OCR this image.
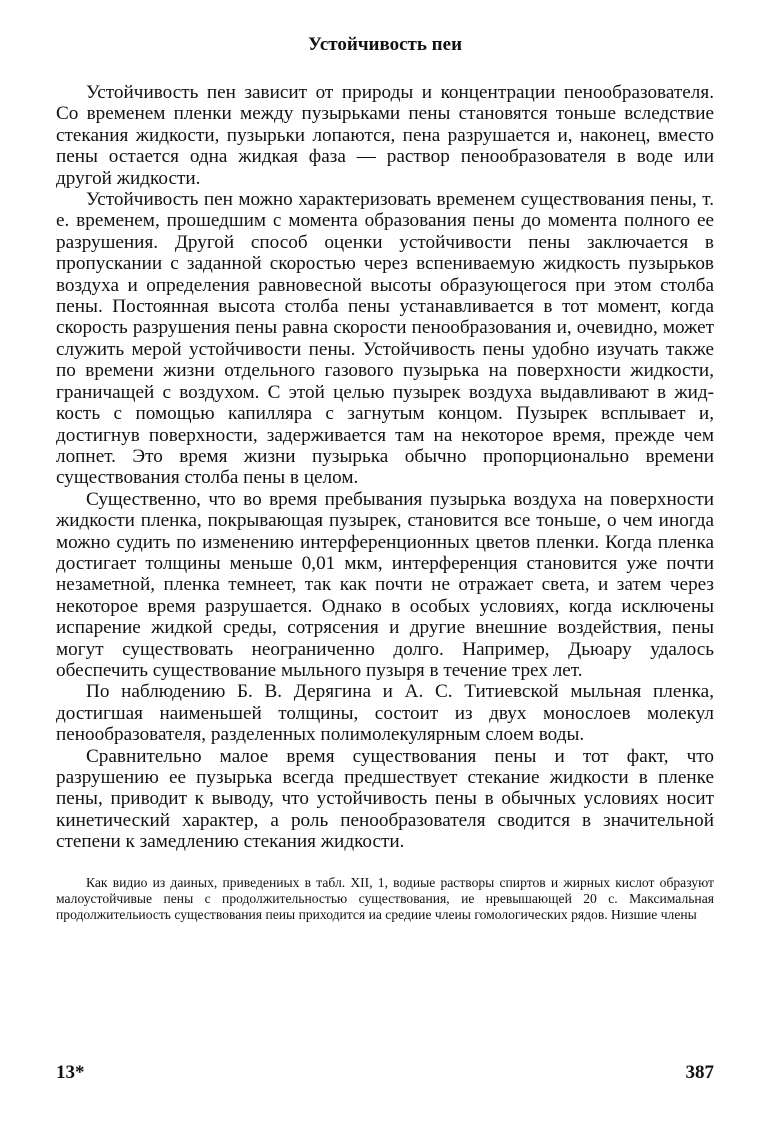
Устойчивость пеи

Устойчивость пен зависит от природы и концентрации пенообразователя. Со временем пленки между пузырьками пены становятся тоньше вследствие стекания жидкости, пузырьки лопаются, пена разрушается и, наконец, вместо пены остается одна жидкая фаза — раствор пенообразователя в воде или другой жидкости.

Устойчивость пен можно характеризовать временем существования пены, т. е. временем, прошедшим с момента образования пены до момента полного ее разрушения. Другой способ оценки устойчивости пены заключается в пропускании с заданной скоростью через вспениваемую жидкость пузырьков воздуха и определения равновесной высоты образующегося при этом столба пены. Постоянная высота столба пены устанавливается в тот момент, когда скорость разрушения пены равна скорости пенообразования и, очевидно, может служить мерой устойчивости пены. Устойчивость пены удобно изучать также по времени жизни отдельного газового пузырька на поверхности жидкости, граничащей с воздухом. С этой целью пузырек воздуха выдавливают в жидкость с помощью капилляра с загнутым концом. Пузырек всплывает и, достигнув поверхности, задерживается там на некоторое время, прежде чем лопнет. Это время жизни пузырька обычно пропорционально времени существования столба пены в целом.

Существенно, что во время пребывания пузырька воздуха на поверхности жидкости пленка, покрывающая пузырек, становится все тоньше, о чем иногда можно судить по изменению интерференционных цветов пленки. Когда пленка достигает толщины меньше 0,01 мкм, интерференция становится уже почти незаметной, пленка темнеет, так как почти не отражает света, и затем через некоторое время разрушается. Однако в особых условиях, когда исключены испарение жидкой среды, сотрясения и другие внешние воздействия, пены могут существовать неограниченно долго. Например, Дьюару удалось обеспечить существование мыльного пузыря в течение трех лет.

По наблюдению Б. В. Дерягина и А. С. Титиевской мыльная пленка, достигшая наименьшей толщины, состоит из двух монослоев молекул пенообразователя, разделенных полимолекулярным слоем воды.

Сравнительно малое время существования пены и тот факт, что разрушению ее пузырька всегда предшествует стекание жидкости в пленке пены, приводит к выводу, что устойчивость пены в обычных условиях носит кинетический характер, а роль пенообразователя сводится в значительной степени к замедлению стекания жидкости.

Как видио из даиных, приведениых в табл. XII, 1, водиые растворы спиртов и жирных кислот образуют малоустойчивые пены с продолжительностью существования, ие нревышающей 20 с. Максимальная продолжительиость существования пеиы приходится иа средиие члеиы гомологических рядов. Низшие члены

13*	387
